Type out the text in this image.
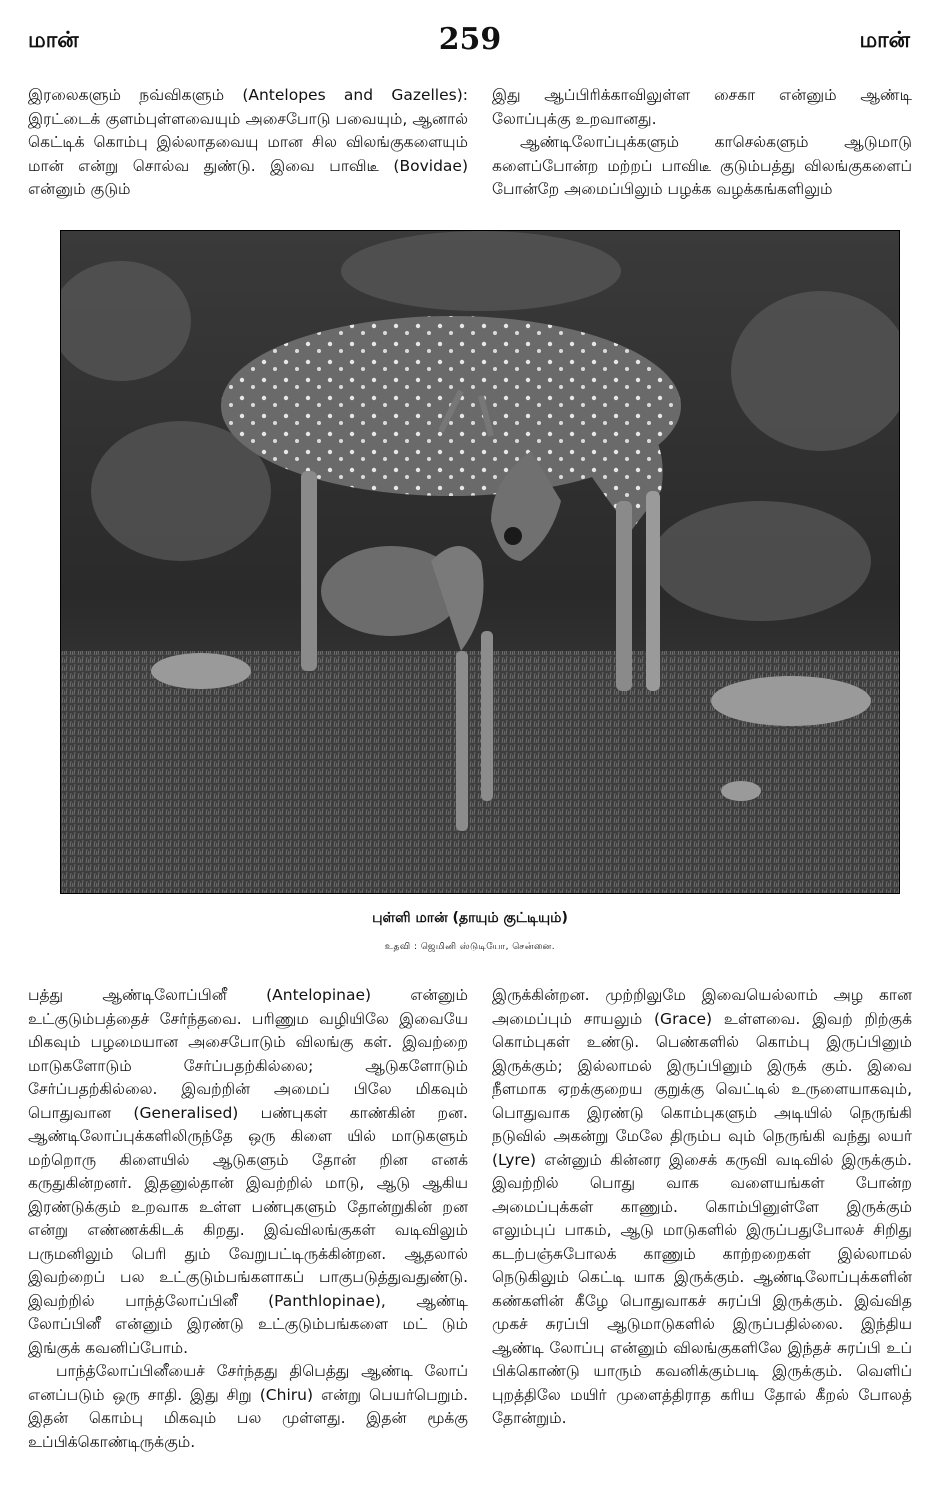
மான்	259	மான்

இரலைகளும் நவ்விகளும் (Antelopes and Gazelles): இரட்டைக் குளம்புள்ளவையும் அசைபோடு பவையும், ஆனால் கெட்டிக் கொம்பு இல்லாதவையு மான சில விலங்குகளையும் மான் என்று சொல்வ துண்டு. இவை பாவிடீ (Bovidae) என்னும் குடும்

இது ஆப்பிரிக்காவிலுள்ள சைகா என்னும் ஆண்டி லோப்புக்கு உறவானது.

ஆண்டிலோப்புக்களும் காசெல்களும் ஆடுமாடு களைப்போன்ற மற்றப் பாவிடீ குடும்பத்து விலங்குகளைப் போன்றே அமைப்பிலும் பழக்க வழக்கங்களிலும்

புள்ளி மான் (தாயும் குட்டியும்)
உதவி : ஜெமினி ஸ்டுடியோ, சென்னை.

பத்து ஆண்டிலோப்பினீ (Antelopinae) என்னும் உட்குடும்பத்தைச் சேர்ந்தவை. பரிணும வழியிலே இவையே மிகவும் பழமையான அசைபோடும் விலங்கு கள். இவற்றை மாடுகளோடும் சேர்ப்பதற்கில்லை; ஆடுகளோடும் சேர்ப்பதற்கில்லை. இவற்றின் அமைப் பிலே மிகவும் பொதுவான (Generalised) பண்புகள் காண்கின் றன. ஆண்டிலோப்புக்களிலிருந்தே ஒரு கிளை யில் மாடுகளும் மற்றொரு கிளையில் ஆடுகளும் தோன் றின எனக் கருதுகின்றனர். இதனுல்தான் இவற்றில் மாடு, ஆடு ஆகிய இரண்டுக்கும் உறவாக உள்ள பண்புகளும் தோன்றுகின் றன என்று எண்ணக்கிடக் கிறது. இவ்விலங்குகள் வடிவிலும் பருமனிலும் பெரி தும் வேறுபட்டிருக்கின்றன. ஆதலால் இவற்றைப் பல உட்குடும்பங்களாகப் பாகுபடுத்துவதுண்டு. இவற்றில் பாந்த்லோப்பினீ (Panthlopinae), ஆண்டி லோப்பினீ என்னும் இரண்டு உட்குடும்பங்களை மட் டும் இங்குக் கவனிப்போம்.

பாந்த்லோப்பினீயைச் சேர்ந்தது திபெத்து ஆண்டி லோப் எனப்படும் ஒரு சாதி. இது சிறு (Chiru) என்று பெயர்பெறும். இதன் கொம்பு மிகவும் பல முள்ளது. இதன் மூக்கு உப்பிக்கொண்டிருக்கும்.

இருக்கின்றன. முற்றிலுமே இவையெல்லாம் அழ கான அமைப்பும் சாயலும் (Grace) உள்ளவை. இவற் றிற்குக் கொம்புகள் உண்டு. பெண்களில் கொம்பு இருப்பினும் இருக்கும்; இல்லாமல் இருப்பினும் இருக் கும். இவை நீளமாக ஏறக்குறைய குறுக்கு வெட்டில் உருளையாகவும், பொதுவாக இரண்டு கொம்புகளும் அடியில் நெருங்கி நடுவில் அகன்று மேலே திரும்ப வும் நெருங்கி வந்து லயர் (Lyre) என்னும் கின்னர இசைக் கருவி வடிவில் இருக்கும். இவற்றில் பொது வாக வளையங்கள் போன்ற அமைப்புக்கள் காணும். கொம்பினுள்ளே இருக்கும் எலும்புப் பாகம், ஆடு மாடுகளில் இருப்பதுபோலச் சிறிது கடற்பஞ்சுபோலக் காணும் காற்றறைகள் இல்லாமல் நெடுகிலும் கெட்டி யாக இருக்கும். ஆண்டிலோப்புக்களின் கண்களின் கீழே பொதுவாகச் சுரப்பி இருக்கும். இவ்வித முகச் சுரப்பி ஆடுமாடுகளில் இருப்பதில்லை. இந்திய ஆண்டி லோப்பு என்னும் விலங்குகளிலே இந்தச் சுரப்பி உப் பிக்கொண்டு யாரும் கவனிக்கும்படி இருக்கும். வெளிப் புறத்திலே மயிர் முளைத்திராத கரிய தோல் கீறல் போலத் தோன்றும்.
